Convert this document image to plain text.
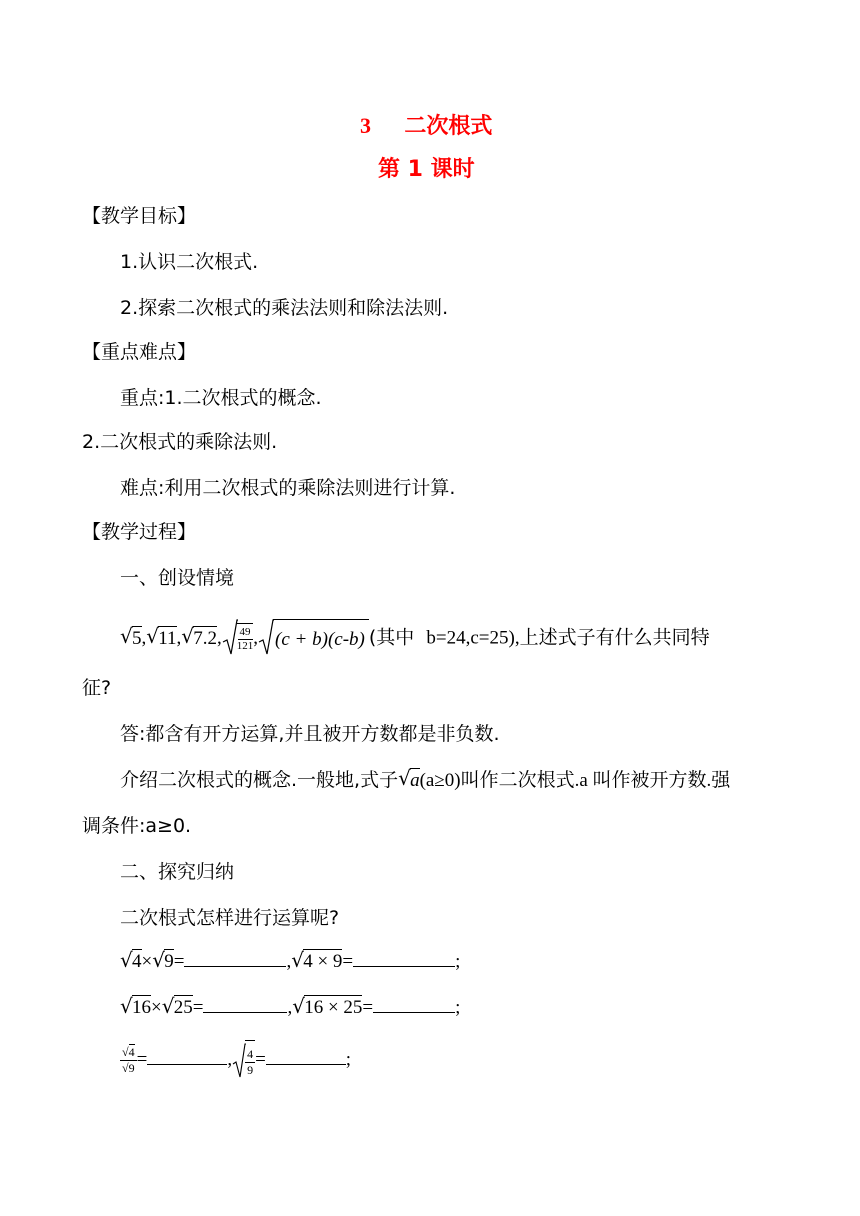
3 二次根式
第 1 课时
【教学目标】
1.认识二次根式.
2.探索二次根式的乘法法则和除法法则.
【重点难点】
重点:1.二次根式的概念.
2.二次根式的乘除法则.
难点:利用二次根式的乘除法则进行计算.
【教学过程】
一、创设情境
√ 5, √ 11, √ 7.2, $\frac{49}{121}$ , (c + b)(c-b) (其中 b=24,c=25),上述式子有什么共同特
征?
答:都含有开方运算,并且被开方数都是非负数.
介绍二次根式的概念.一般地,式子 √ a(a≥0)叫作二次根式.a 叫作被开方数.强
调条件:a≥0.
二、探究归纳
二次根式怎样进行运算呢?
√ 4× √ 9=	, √ 4 × 9=	;
√ 16× √ 25=	, √ 16 × 25=	;
$\frac{√4}{√9}$ =	, $\frac{4}{9}$ =	;
